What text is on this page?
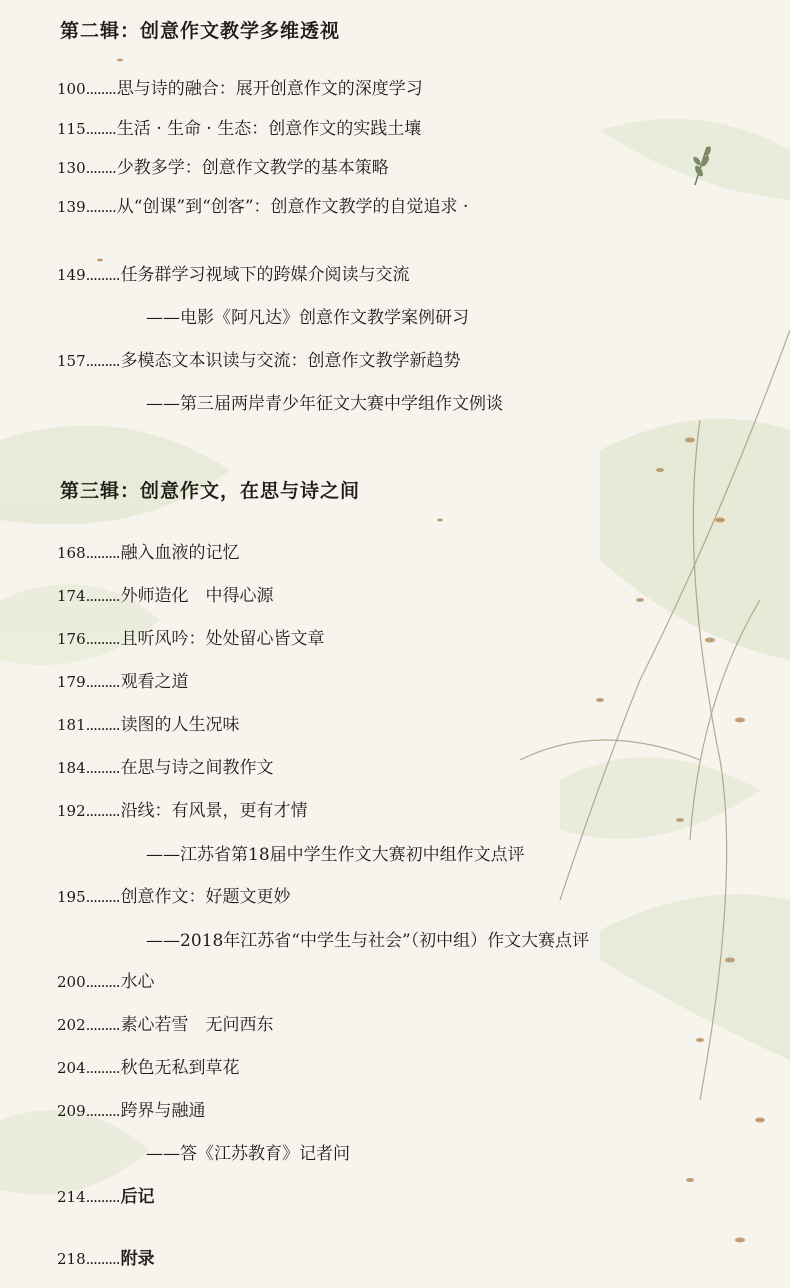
第二辑：创意作文教学多维透视
100 ........ 思与诗的融合：展开创意作文的深度学习
115 ........ 生活 · 生命 · 生态：创意作文的实践土壤
130 ........ 少教多学：创意作文教学的基本策略
139 ........ 从“创课”到“创客”：创意作文教学的自觉追求 ·
149 ......... 任务群学习视域下的跨媒介阅读与交流
——电影《阿凡达》创意作文教学案例研习
157 ......... 多模态文本识读与交流：创意作文教学新趋势
——第三届两岸青少年征文大赛中学组作文例谈
第三辑：创意作文，在思与诗之间
168 ......... 融入血液的记忆
174 ......... 外师造化　中得心源
176 ......... 且听风吟：处处留心皆文章
179 ......... 观看之道
181 ......... 读图的人生况味
184 ......... 在思与诗之间教作文
192 ......... 沿线：有风景，更有才情
——江苏省第18届中学生作文大赛初中组作文点评
195 ......... 创意作文：好题文更妙
——2018年江苏省“中学生与社会”（初中组）作文大赛点评
200 ......... 水心
202 ......... 素心若雪　无问西东
204 ......... 秋色无私到草花
209 ......... 跨界与融通
——答《江苏教育》记者问
214 ......... 后记
218 ......... 附录
